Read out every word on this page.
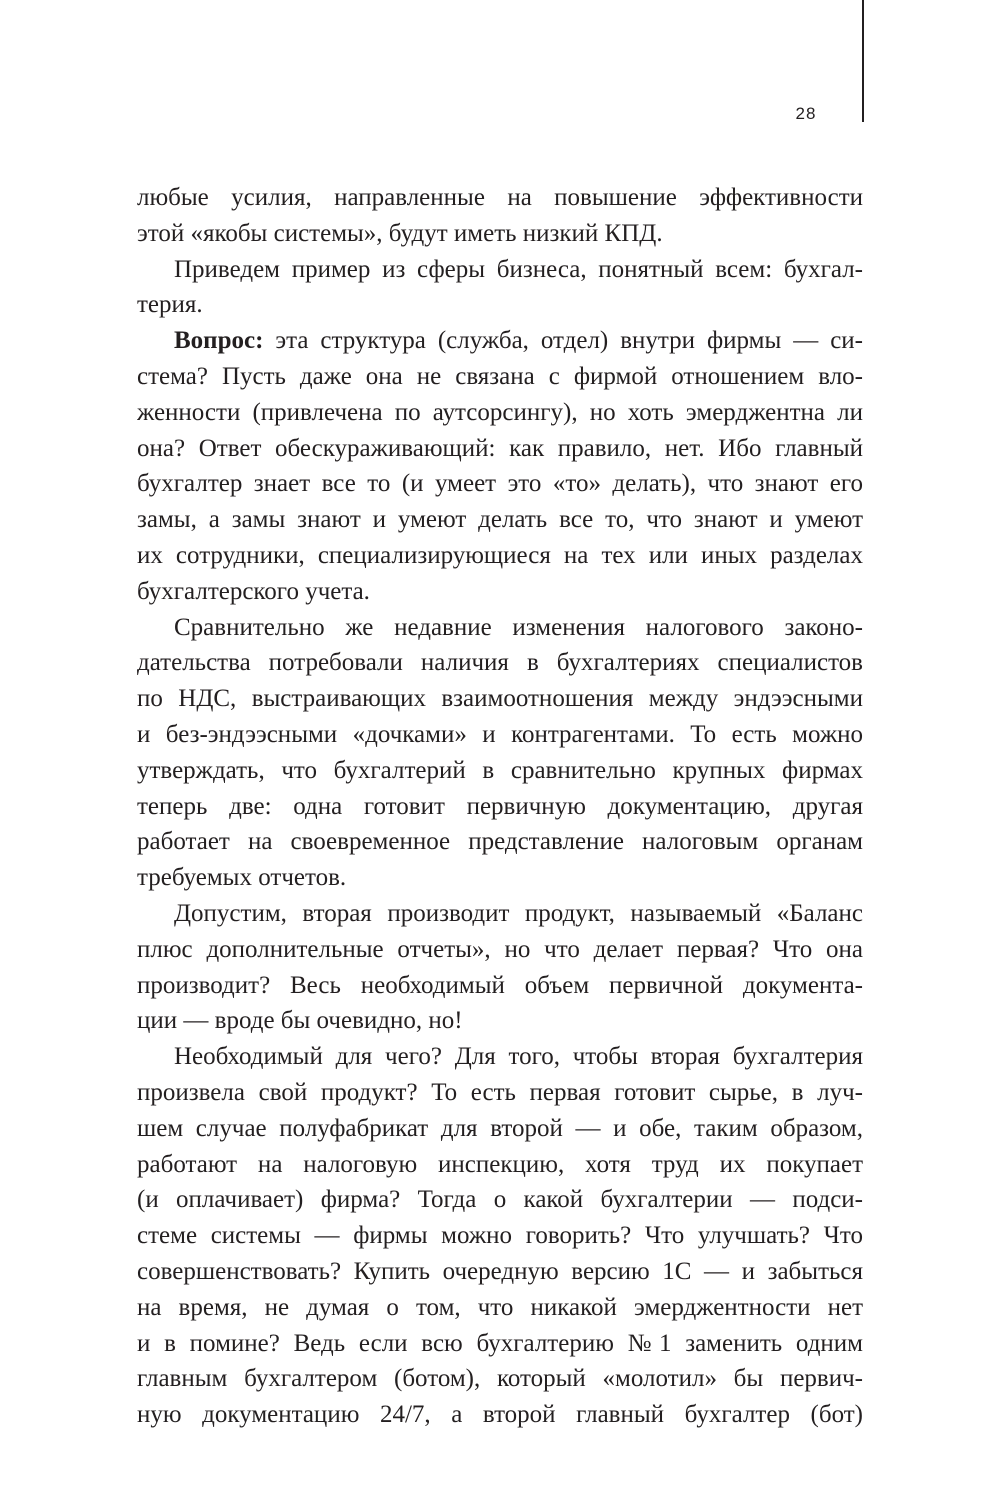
28
любые усилия, направленные на повышение эффективности
этой «якобы системы», будут иметь низкий КПД.
Приведем пример из сферы бизнеса, понятный всем: бухгал-
терия.
Вопрос: эта структура (служба, отдел) внутри фирмы — си-
стема? Пусть даже она не связана с фирмой отношением вло-
женности (привлечена по аутсорсингу), но хоть эмерджентна ли
она? Ответ обескураживающий: как правило, нет. Ибо главный
бухгалтер знает все то (и умеет это «то» делать), что знают его
замы, а замы знают и умеют делать все то, что знают и умеют
их сотрудники, специализирующиеся на тех или иных разделах
бухгалтерского учета.
Сравнительно же недавние изменения налогового законо-
дательства потребовали наличия в бухгалтериях специалистов
по НДС, выстраивающих взаимоотношения между эндээсными
и без-эндээсными «дочками» и контрагентами. То есть можно
утверждать, что бухгалтерий в сравнительно крупных фирмах
теперь две: одна готовит первичную документацию, другая
работает на своевременное представление налоговым органам
требуемых отчетов.
Допустим, вторая производит продукт, называемый «Баланс
плюс дополнительные отчеты», но что делает первая? Что она
производит? Весь необходимый объем первичной документа-
ции — вроде бы очевидно, но!
Необходимый для чего? Для того, чтобы вторая бухгалтерия
произвела свой продукт? То есть первая готовит сырье, в луч-
шем случае полуфабрикат для второй — и обе, таким образом,
работают на налоговую инспекцию, хотя труд их покупает
(и оплачивает) фирма? Тогда о какой бухгалтерии — подси-
стеме системы — фирмы можно говорить? Что улучшать? Что
совершенствовать? Купить очередную версию 1С — и забыться
на время, не думая о том, что никакой эмерджентности нет
и в помине? Ведь если всю бухгалтерию №1 заменить одним
главным бухгалтером (ботом), который «молотил» бы первич-
ную документацию 24/7, а второй главный бухгалтер (бот)
